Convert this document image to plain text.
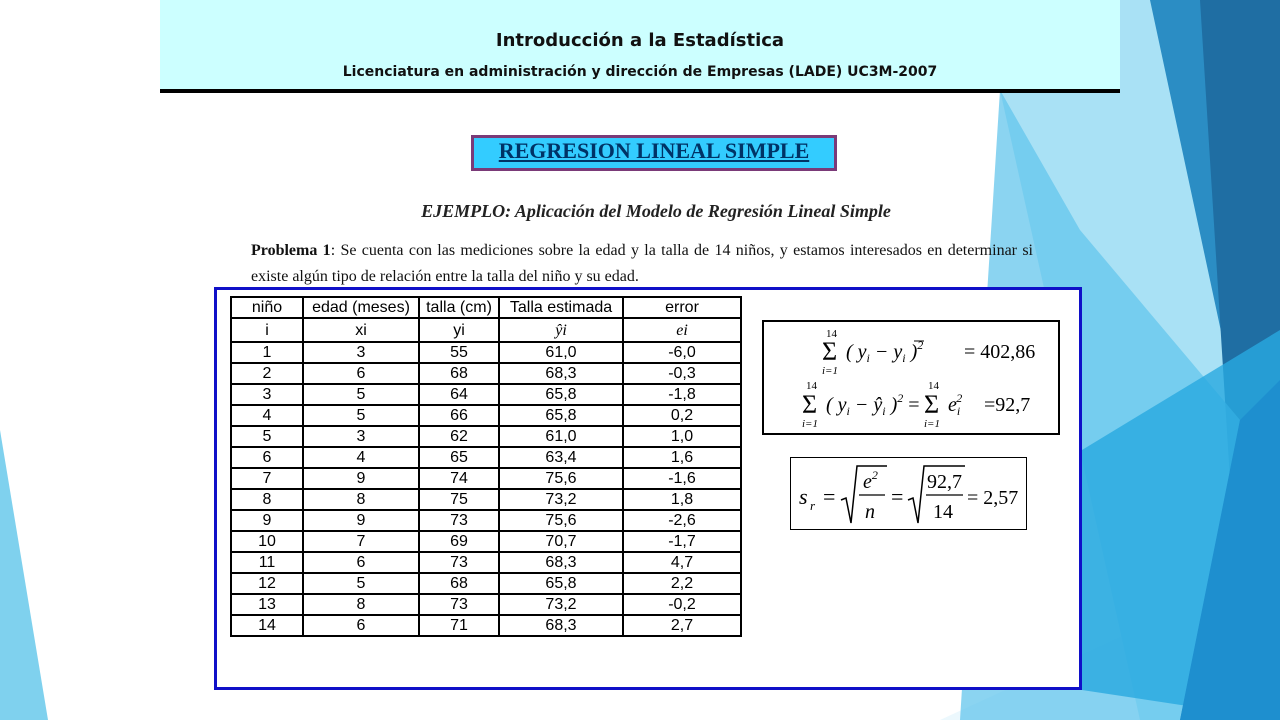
Introducción a la Estadística
Licenciatura en administración y dirección de Empresas (LADE) UC3M-2007
REGRESION LINEAL SIMPLE
EJEMPLO: Aplicación del Modelo de Regresión Lineal Simple
Problema 1: Se cuenta con las mediciones sobre la edad y la talla de 14 niños, y estamos interesados en determinar si existe algún tipo de relación entre la talla del niño y su edad.
niño	edad (meses)	talla (cm)	Talla estimada	error
i	xi	yi	ŷi	ei
1	3	55	61,0	-6,0
2	6	68	68,3	-0,3
3	5	64	65,8	-1,8
4	5	66	65,8	0,2
5	3	62	61,0	1,0
6	4	65	63,4	1,6
7	9	74	75,6	-1,6
8	8	75	73,2	1,8
9	9	73	75,6	-2,6
10	7	69	70,7	-1,7
11	6	73	68,3	4,7
12	5	68	65,8	2,2
13	8	73	73,2	-0,2
14	6	71	68,3	2,7
14
Σ
i=1
( $y_i - y_i$ )$^2$ = 402,86
14
Σ
i=1
( $y_i$ − $ŷ_i$ )$^2$ =
14
Σ
i=1
$e_i2 =92,7$
s r =
$e^2$
n
=
92,7
14
= 2,57
